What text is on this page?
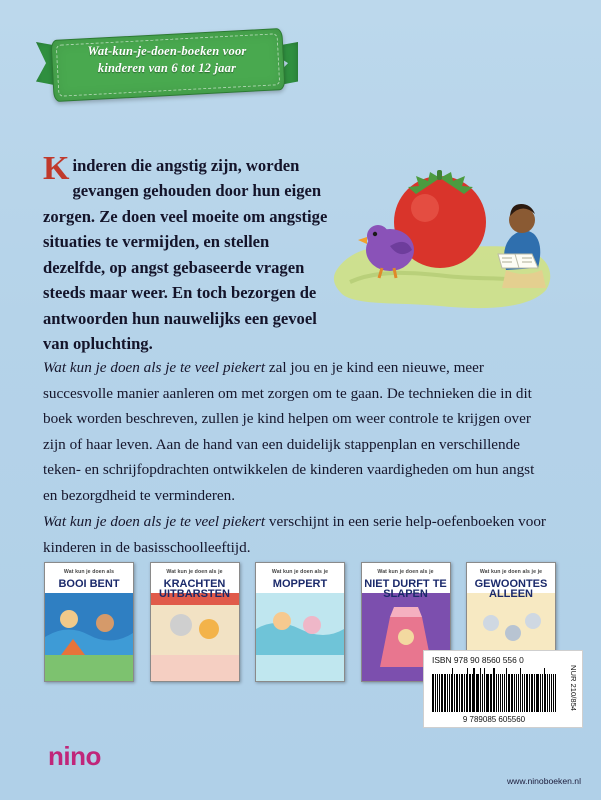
Wat-kun-je-doen-boeken voor
kinderen van 6 tot 12 jaar

Kinderen die angstig zijn, worden gevangen gehouden door hun eigen zorgen. Ze doen veel moeite om angstige situaties te vermijden, en stellen dezelfde, op angst gebaseerde vragen steeds maar weer. En toch bezorgen de antwoorden hun nauwelijks een gevoel van opluchting.

Wat kun je doen als je te veel piekert zal jou en je kind een nieuwe, meer succesvolle manier aanleren om met zorgen om te gaan. De technieken die in dit boek worden beschreven, zullen je kind helpen om weer controle te krijgen over zijn of haar leven. Aan de hand van een duidelijk stappenplan en verschillende teken- en schrijfopdrachten ontwikkelen de kinderen vaardigheden om hun angst en bezorgdheid te verminderen.

Wat kun je doen als je te veel piekert verschijnt in een serie help-oefenboeken voor kinderen in de basisschoolleeftijd.

Wat kun je doen als
BOOI BENT
Wat kun je doen als je
KRACHTEN UITBARSTEN
Wat kun je doen als je
MOPPERT
Wat kun je doen als je
NIET DURFT TE SLAPEN
Wat kun je doen als je je
GEWOONTES ALLEEN
ISBN 978 90 8560 556 0
9 789085 605560
NUR 210/854
nino
www.ninoboeken.nl
